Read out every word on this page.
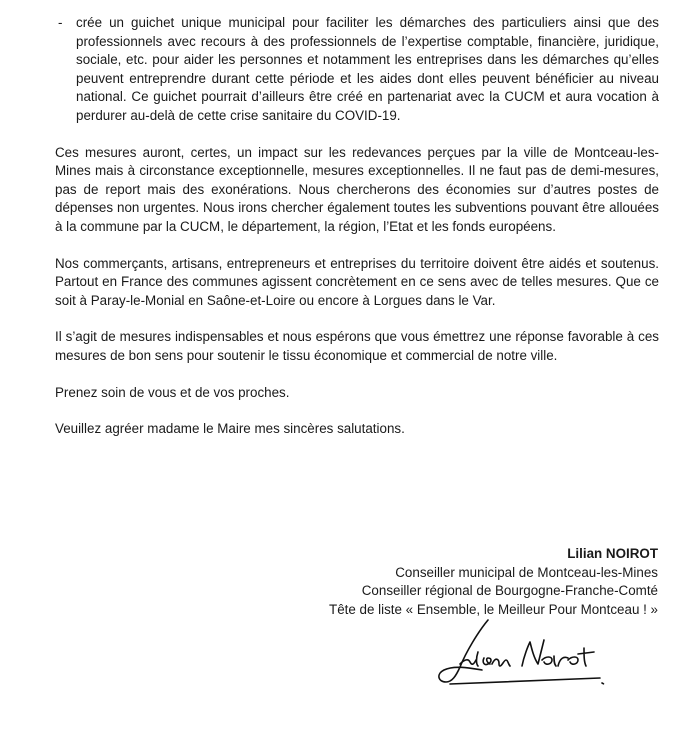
- crée un guichet unique municipal pour faciliter les démarches des particuliers ainsi que des professionnels avec recours à des professionnels de l’expertise comptable, financière, juridique, sociale, etc. pour aider les personnes et notamment les entreprises dans les démarches qu’elles peuvent entreprendre durant cette période et les aides dont elles peuvent bénéficier au niveau national. Ce guichet pourrait d’ailleurs être créé en partenariat avec la CUCM et aura vocation à perdurer au-delà de cette crise sanitaire du COVID-19.

Ces mesures auront, certes, un impact sur les redevances perçues par la ville de Montceau-les-Mines mais à circonstance exceptionnelle, mesures exceptionnelles. Il ne faut pas de demi-mesures, pas de report mais des exonérations. Nous chercherons des économies sur d’autres postes de dépenses non urgentes. Nous irons chercher également toutes les subventions pouvant être allouées à la commune par la CUCM, le département, la région, l’Etat et les fonds européens.

Nos commerçants, artisans, entrepreneurs et entreprises du territoire doivent être aidés et soutenus. Partout en France des communes agissent concrètement en ce sens avec de telles mesures. Que ce soit à Paray-le-Monial en Saône-et-Loire ou encore à Lorgues dans le Var.

Il s’agit de mesures indispensables et nous espérons que vous émettrez une réponse favorable à ces mesures de bon sens pour soutenir le tissu économique et commercial de notre ville.

Prenez soin de vous et de vos proches.

Veuillez agréer madame le Maire mes sincères salutations.

Lilian NOIROT
Conseiller municipal de Montceau-les-Mines
Conseiller régional de Bourgogne-Franche-Comté
Tête de liste « Ensemble, le Meilleur Pour Montceau ! »
